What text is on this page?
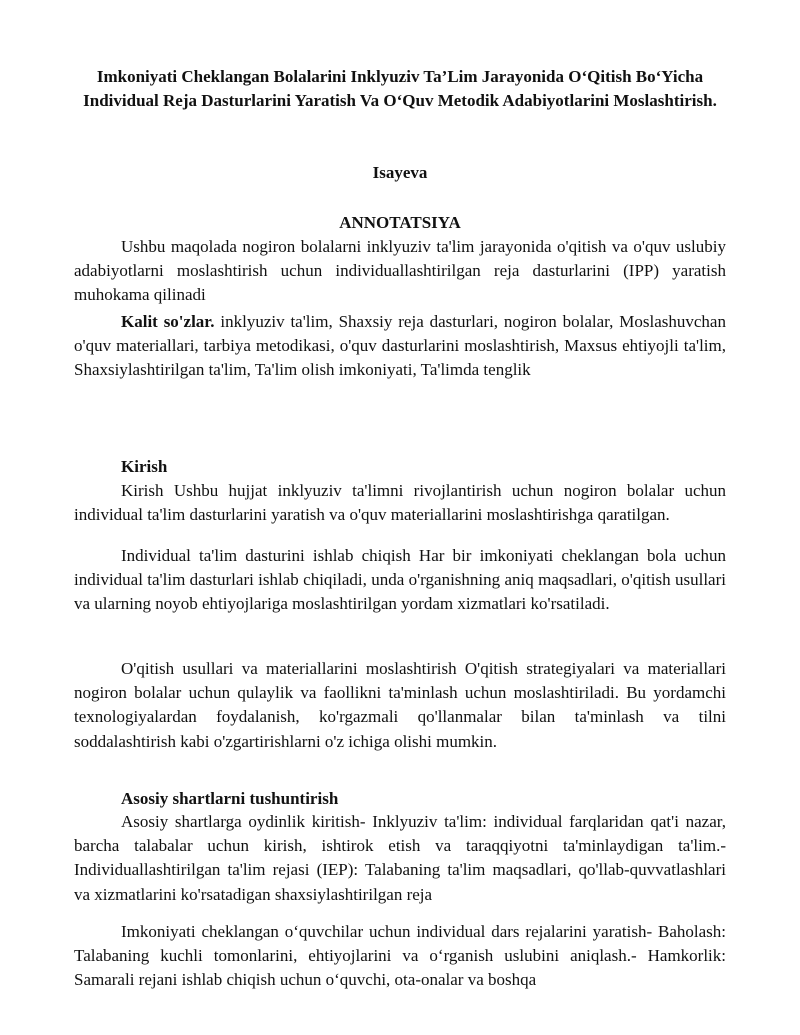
Imkoniyati Cheklangan Bolalarini Inklyuziv Ta’Lim Jarayonida O‘Qitish Bo‘Yicha Individual Reja Dasturlarini Yaratish Va O‘Quv Metodik Adabiyotlarini Moslashtirish.
Isayeva
ANNOTATSIYA

Ushbu maqolada nogiron bolalarni inklyuziv ta'lim jarayonida o'qitish va o'quv uslubiy adabiyotlarni moslashtirish uchun individuallashtirilgan reja dasturlarini (IPP) yaratish muhokama qilinadi

Kalit so'zlar. inklyuziv ta'lim, Shaxsiy reja dasturlari, nogiron bolalar, Moslashuvchan o'quv materiallari, tarbiya metodikasi, o'quv dasturlarini moslashtirish, Maxsus ehtiyojli ta'lim, Shaxsiylashtirilgan ta'lim, Ta'lim olish imkoniyati, Ta'limda tenglik

Kirish

Kirish Ushbu hujjat inklyuziv ta'limni rivojlantirish uchun nogiron bolalar uchun individual ta'lim dasturlarini yaratish va o'quv materiallarini moslashtirishga qaratilgan.

Individual ta'lim dasturini ishlab chiqish Har bir imkoniyati cheklangan bola uchun individual ta'lim dasturlari ishlab chiqiladi, unda o'rganishning aniq maqsadlari, o'qitish usullari va ularning noyob ehtiyojlariga moslashtirilgan yordam xizmatlari ko'rsatiladi.

O'qitish usullari va materiallarini moslashtirish O'qitish strategiyalari va materiallari nogiron bolalar uchun qulaylik va faollikni ta'minlash uchun moslashtiriladi. Bu yordamchi texnologiyalardan foydalanish, ko'rgazmali qo'llanmalar bilan ta'minlash va tilni soddalashtirish kabi o'zgartirishlarni o'z ichiga olishi mumkin.

Asosiy shartlarni tushuntirish

Asosiy shartlarga oydinlik kiritish- Inklyuziv ta'lim: individual farqlaridan qat'i nazar, barcha talabalar uchun kirish, ishtirok etish va taraqqiyotni ta'minlaydigan ta'lim.- Individuallashtirilgan ta'lim rejasi (IEP): Talabaning ta'lim maqsadlari, qo'llab-quvvatlashlari va xizmatlarini ko'rsatadigan shaxsiylashtirilgan reja

Imkoniyati cheklangan o‘quvchilar uchun individual dars rejalarini yaratish- Baholash: Talabaning kuchli tomonlarini, ehtiyojlarini va o‘rganish uslubini aniqlash.- Hamkorlik: Samarali rejani ishlab chiqish uchun o‘quvchi, ota-onalar va boshqa
